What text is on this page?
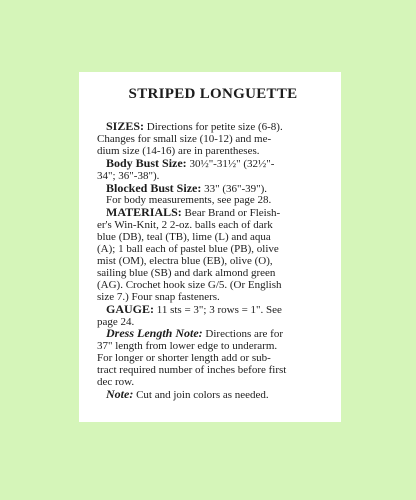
STRIPED LONGUETTE
SIZES: Directions for petite size (6-8).
Changes for small size (10-12) and me-
dium size (14-16) are in parentheses.
Body Bust Size: 30½"-31½" (32½"-
34"; 36"-38").
Blocked Bust Size: 33" (36"-39").
For body measurements, see page 28.
MATERIALS: Bear Brand or Fleish-
er's Win-Knit, 2 2-oz. balls each of dark
blue (DB), teal (TB), lime (L) and aqua
(A); 1 ball each of pastel blue (PB), olive
mist (OM), electra blue (EB), olive (O),
sailing blue (SB) and dark almond green
(AG). Crochet hook size G/5. (Or English
size 7.) Four snap fasteners.
GAUGE: 11 sts = 3"; 3 rows = 1". See
page 24.
Dress Length Note: Directions are for
37" length from lower edge to underarm.
For longer or shorter length add or sub-
tract required number of inches before first
dec row.
Note: Cut and join colors as needed.
